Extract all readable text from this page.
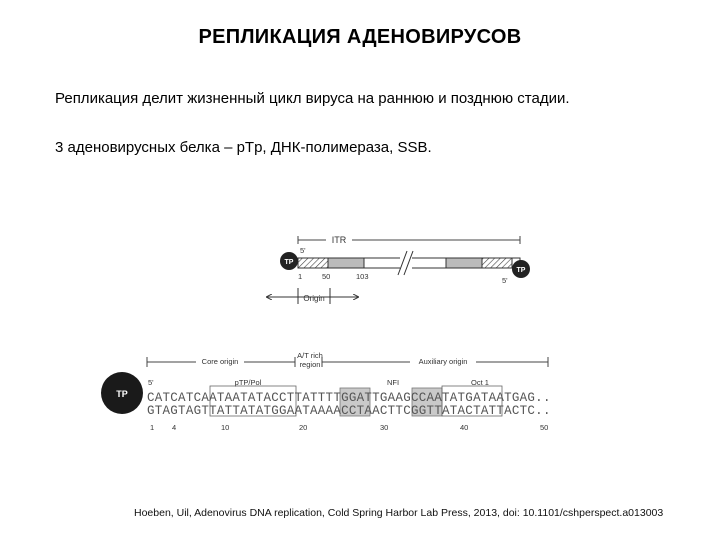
РЕПЛИКАЦИЯ АДЕНОВИРУСОВ
Репликация делит жизненный цикл вируса на раннюю и позднюю стадии.
3 аденовирусных белка – pTp, ДНК-полимераза, SSB.
ITR
TP
TP
5'
5'
1	50	103
Origin
Core origin	Auxiliary origin
A/T rich
region
TP
5'	pTP/Pol	NFI	Oct 1
CATCATCAATAATATACCTTATTTTGGATTGAAGCCAATATGATAATGAG..
GTAGTAGTTATTATATGGAATAAAACCTAACTTCGGTTATACTATTACTC..
1 4	10	20	30	40	50
Hoeben, Uil, Adenovirus DNA replication, Cold Spring Harbor Lab Press, 2013, doi: 10.1101/cshperspect.a013003
